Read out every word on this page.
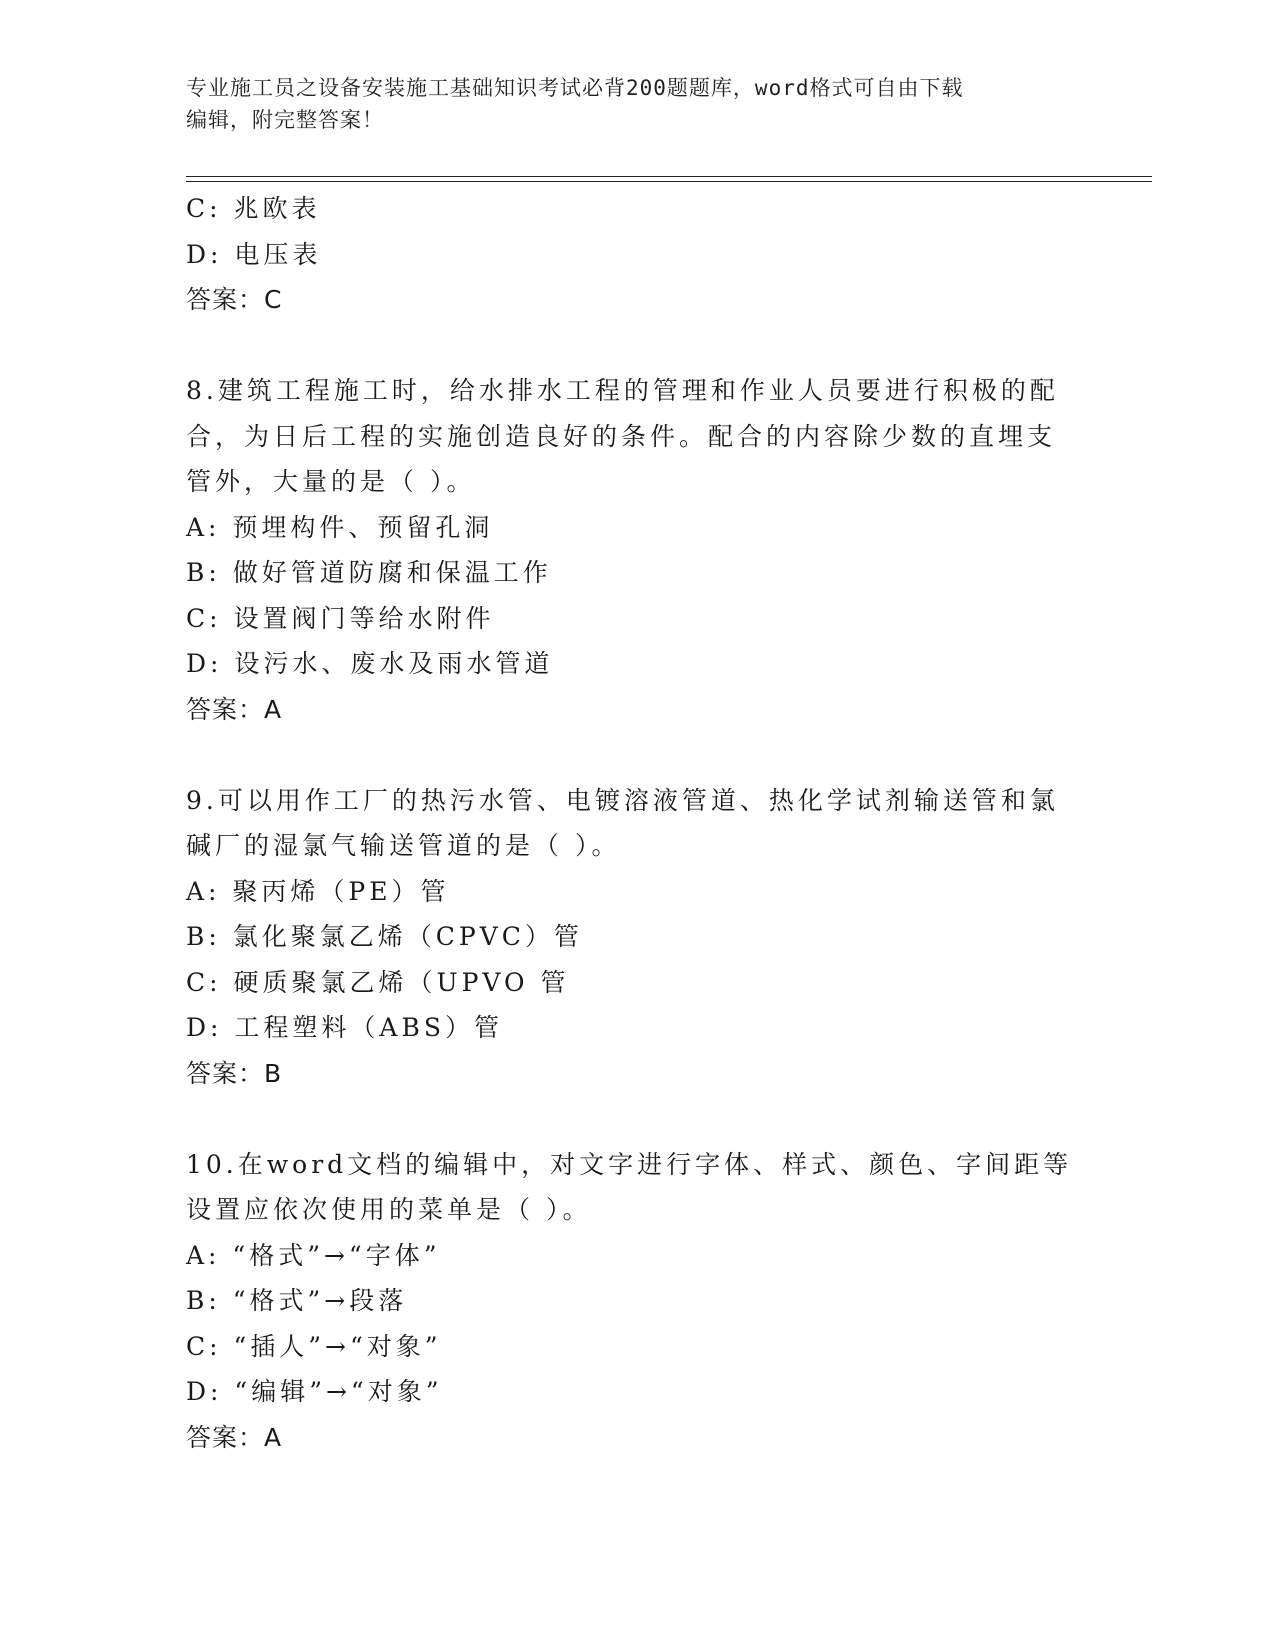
专业施工员之设备安装施工基础知识考试必背200题题库，word格式可自由下载
编辑，附完整答案！
C: 兆欧表
D: 电压表
答案：C
8.建筑工程施工时，给水排水工程的管理和作业人员要进行积极的配
合，为日后工程的实施创造良好的条件。配合的内容除少数的直埋支
管外，大量的是（ ）。
A: 预埋构件、预留孔洞
B: 做好管道防腐和保温工作
C: 设置阀门等给水附件
D: 设污水、废水及雨水管道
答案：A
9.可以用作工厂的热污水管、电镀溶液管道、热化学试剂输送管和氯
碱厂的湿氯气输送管道的是（ ）。
A: 聚丙烯（PE）管
B: 氯化聚氯乙烯（CPVC）管
C: 硬质聚氯乙烯（UPVO 管
D: 工程塑料（ABS）管
答案：B
10.在word文档的编辑中，对文字进行字体、样式、颜色、字间距等
设置应依次使用的菜单是（ ）。
A: “格式”→“字体”
B: “格式”→段落
C: “插人”→“对象”
D: “编辑”→“对象”
答案：A
